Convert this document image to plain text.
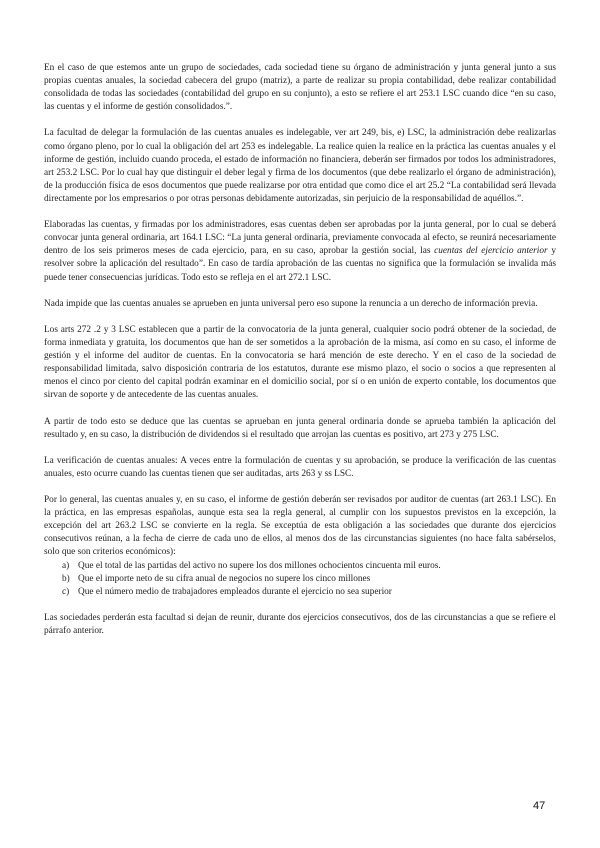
En el caso de que estemos ante un grupo de sociedades, cada sociedad tiene su órgano de administración y junta general junto a sus propias cuentas anuales, la sociedad cabecera del grupo (matriz), a parte de realizar su propia contabilidad, debe realizar contabilidad consolidada de todas las sociedades (contabilidad del grupo en su conjunto), a esto se refiere el art 253.1 LSC cuando dice “en su caso, las cuentas y el informe de gestión consolidados.”.

La facultad de delegar la formulación de las cuentas anuales es indelegable, ver art 249, bis, e) LSC, la administración debe realizarlas como órgano pleno, por lo cual la obligación del art 253 es indelegable. La realice quien la realice en la práctica las cuentas anuales y el informe de gestión, incluido cuando proceda, el estado de información no financiera, deberán ser firmados por todos los administradores, art 253.2 LSC. Por lo cual hay que distinguir el deber legal y firma de los documentos (que debe realizarlo el órgano de administración), de la producción física de esos documentos que puede realizarse por otra entidad que como dice el art 25.2 “La contabilidad será llevada directamente por los empresarios o por otras personas debidamente autorizadas, sin perjuicio de la responsabilidad de aquéllos.”.

Elaboradas las cuentas, y firmadas por los administradores, esas cuentas deben ser aprobadas por la junta general, por lo cual se deberá convocar junta general ordinaria, art 164.1 LSC: “La junta general ordinaria, previamente convocada al efecto, se reunirá necesariamente dentro de los seis primeros meses de cada ejercicio, para, en su caso, aprobar la gestión social, las cuentas del ejercicio anterior y resolver sobre la aplicación del resultado”. En caso de tardía aprobación de las cuentas no significa que la formulación se invalida más puede tener consecuencias jurídicas. Todo esto se refleja en el art 272.1 LSC.

Nada impide que las cuentas anuales se aprueben en junta universal pero eso supone la renuncia a un derecho de información previa.

Los arts 272 .2 y 3 LSC establecen que a partir de la convocatoria de la junta general, cualquier socio podrá obtener de la sociedad, de forma inmediata y gratuita, los documentos que han de ser sometidos a la aprobación de la misma, así como en su caso, el informe de gestión y el informe del auditor de cuentas. En la convocatoria se hará mención de este derecho. Y en el caso de la sociedad de responsabilidad limitada, salvo disposición contraria de los estatutos, durante ese mismo plazo, el socio o socios a que representen al menos el cinco por ciento del capital podrán examinar en el domicilio social, por sí o en unión de experto contable, los documentos que sirvan de soporte y de antecedente de las cuentas anuales.

A partir de todo esto se deduce que las cuentas se aprueban en junta general ordinaria donde se aprueba también la aplicación del resultado y, en su caso, la distribución de dividendos si el resultado que arrojan las cuentas es positivo, art 273 y 275 LSC.

La verificación de cuentas anuales: A veces entre la formulación de cuentas y su aprobación, se produce la verificación de las cuentas anuales, esto ocurre cuando las cuentas tienen que ser auditadas, arts 263 y ss LSC.

Por lo general, las cuentas anuales y, en su caso, el informe de gestión deberán ser revisados por auditor de cuentas (art 263.1 LSC). En la práctica, en las empresas españolas, aunque esta sea la regla general, al cumplir con los supuestos previstos en la excepción, la excepción del art 263.2 LSC se convierte en la regla. Se exceptúa de esta obligación a las sociedades que durante dos ejercicios consecutivos reúnan, a la fecha de cierre de cada uno de ellos, al menos dos de las circunstancias siguientes (no hace falta sabérselos, solo que son criterios económicos):

a) Que el total de las partidas del activo no supere los dos millones ochocientos cincuenta mil euros.
b) Que el importe neto de su cifra anual de negocios no supere los cinco millones
c) Que el número medio de trabajadores empleados durante el ejercicio no sea superior

Las sociedades perderán esta facultad si dejan de reunir, durante dos ejercicios consecutivos, dos de las circunstancias a que se refiere el párrafo anterior.

47
